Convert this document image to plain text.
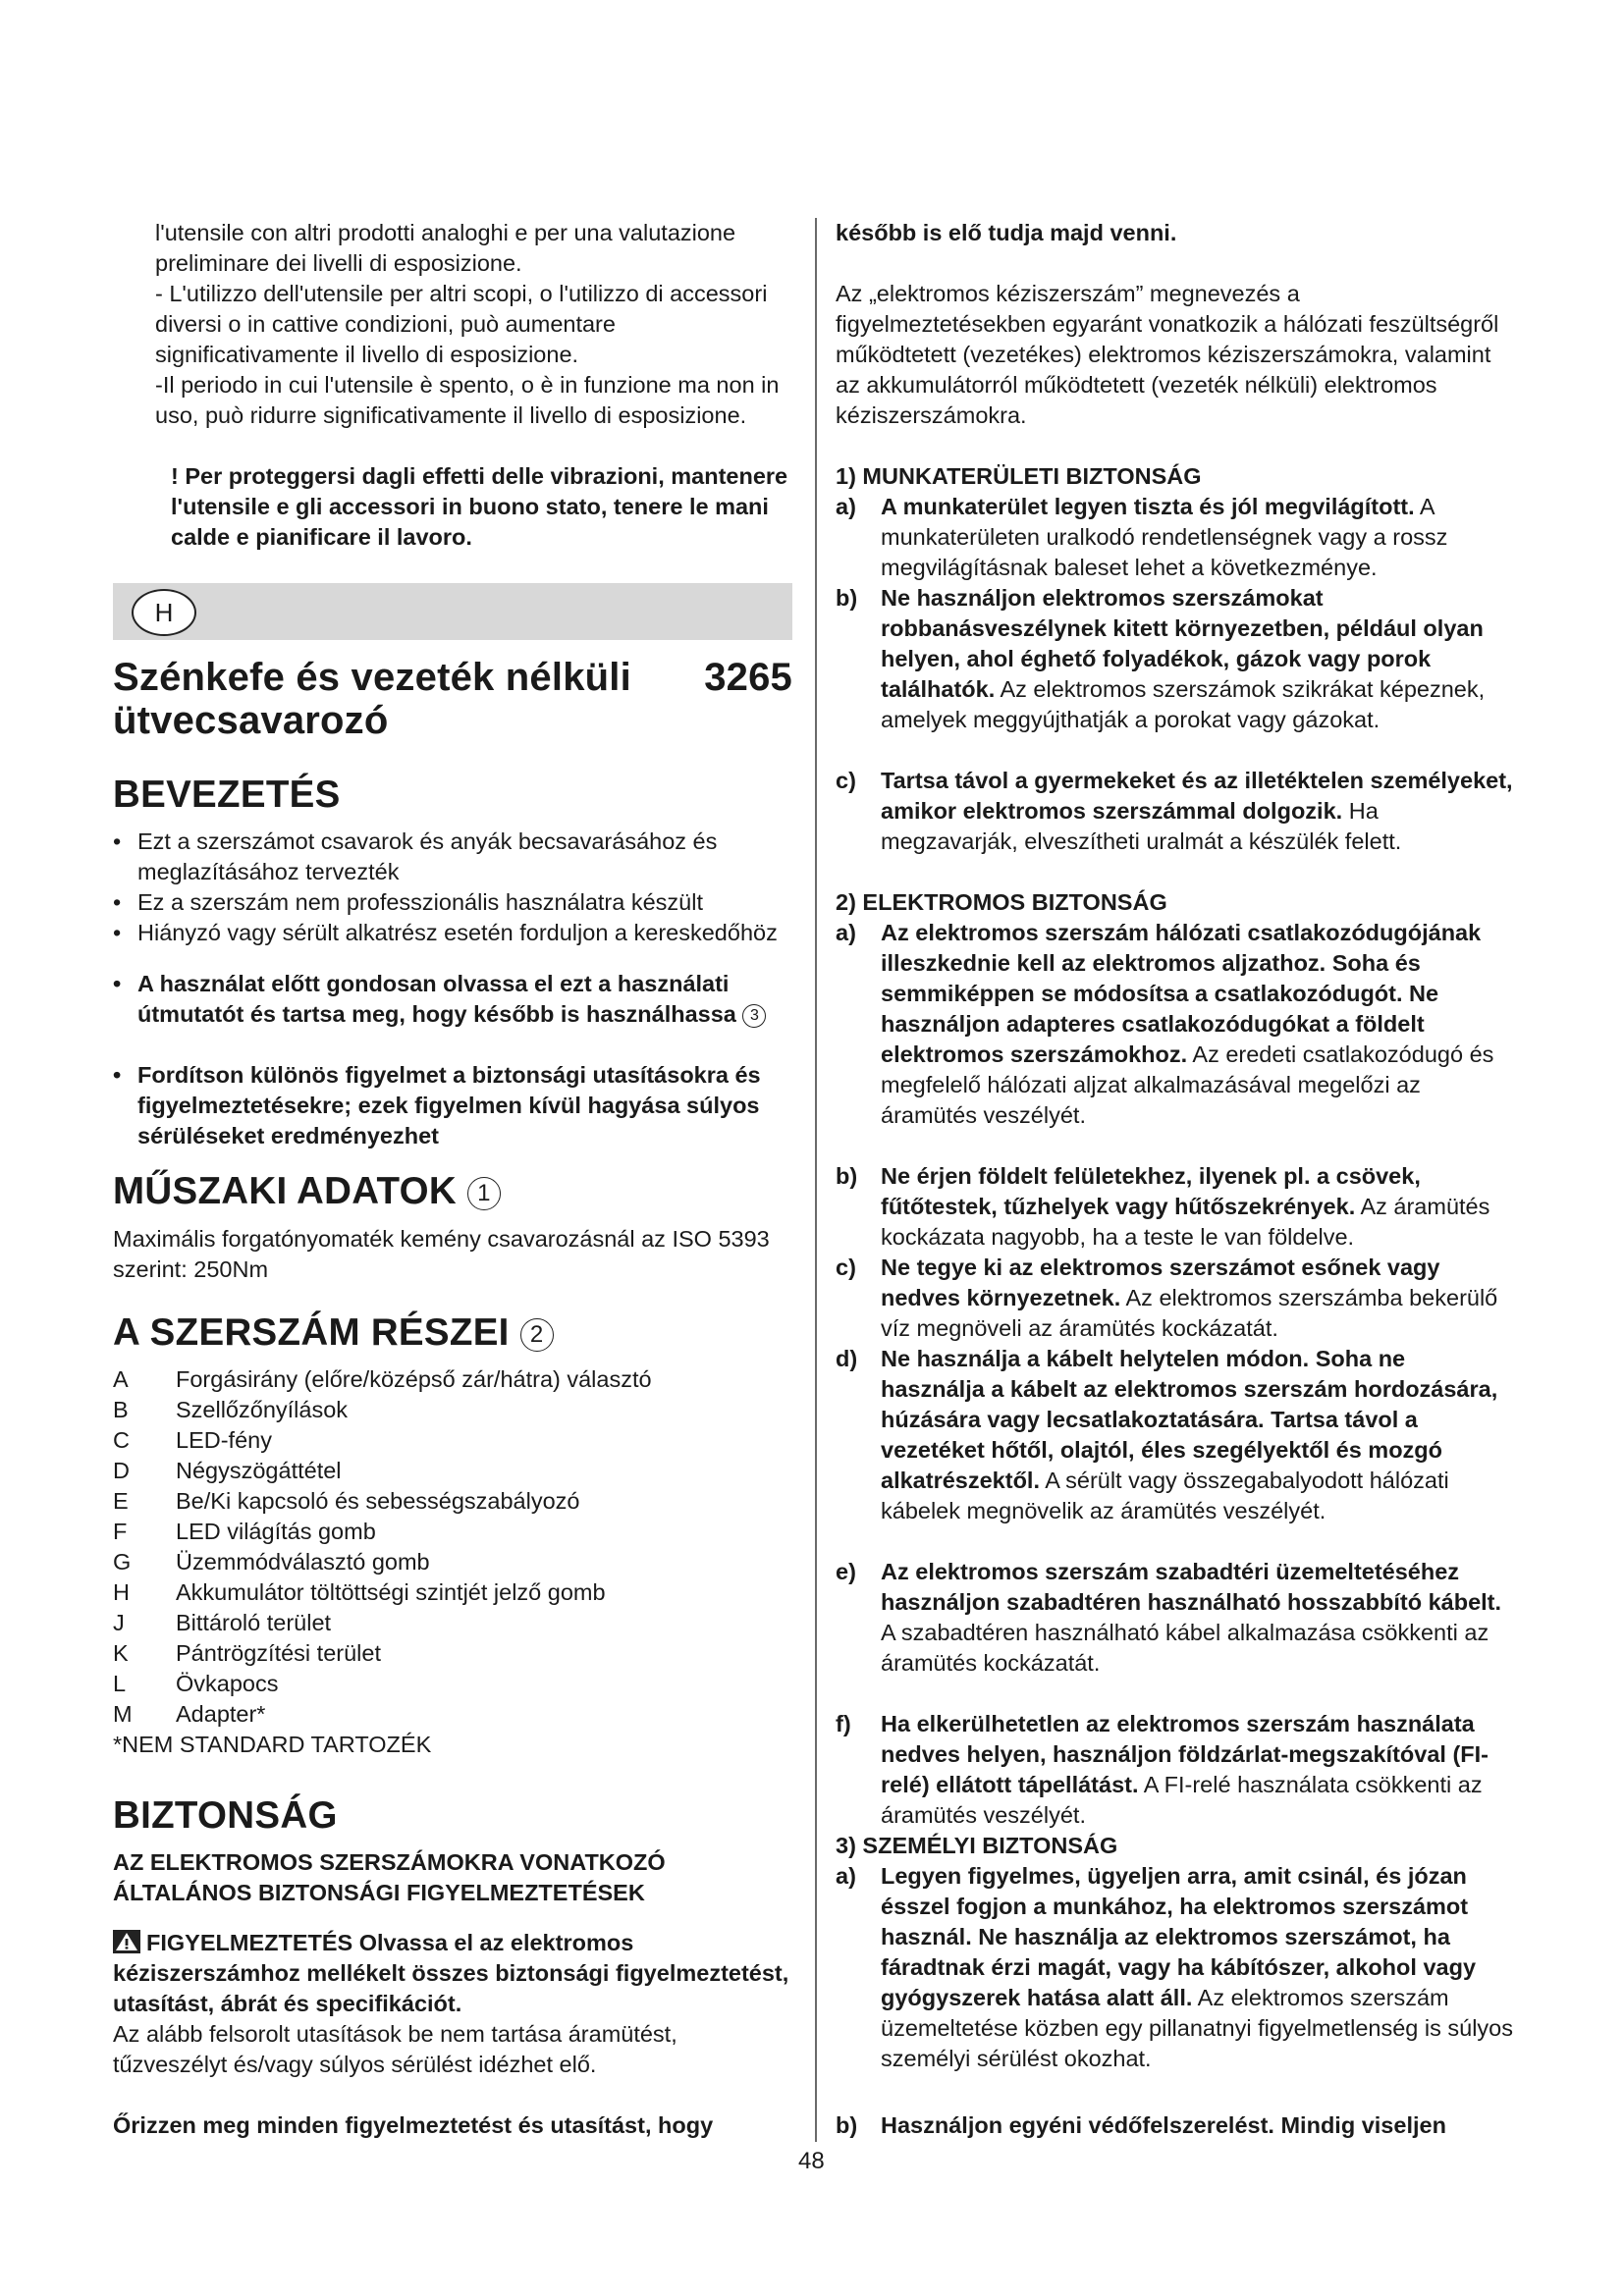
l'utensile con altri prodotti analoghi e per una valutazione

preliminare dei livelli di esposizione.

- L'utilizzo dell'utensile per altri scopi, o l'utilizzo di accessori diversi o in cattive condizioni, può aumentare significativamente il livello di esposizione.

-Il periodo in cui l'utensile è spento, o è in funzione ma non in uso, può ridurre significativamente il livello di esposizione.

! Per proteggersi dagli effetti delle vibrazioni, mantenere l'utensile e gli accessori in buono stato, tenere le mani calde e pianificare il lavoro.

H
Szénkefe és vezeték nélküli ütvecsavarozó
3265
BEVEZETÉS
• Ezt a szerszámot csavarok és anyák becsavarásához és meglazításához tervezték
• Ez a szerszám nem professzionális használatra készült
• Hiányzó vagy sérült alkatrész esetén forduljon a kereskedőhöz
• A használat előtt gondosan olvassa el ezt a használati útmutatót és tartsa meg, hogy később is használhassa 3
• Fordítson különös figyelmet a biztonsági utasításokra és figyelmeztetésekre; ezek figyelmen kívül hagyása súlyos sérüléseket eredményezhet
MŰSZAKI ADATOK 1

Maximális forgatónyomaték kemény csavarozásnál az ISO 5393 szerint: 250Nm

A SZERSZÁM RÉSZEI 2
A Forgásirány (előre/középső zár/hátra) választó
B Szellőzőnyílások
C LED-fény
D Négyszögáttétel
E Be/Ki kapcsoló és sebességszabályozó
F LED világítás gomb
G Üzemmódválasztó gomb
H Akkumulátor töltöttségi szintjét jelző gomb
J Bittároló terület
K Pántrögzítési terület
L Övkapocs
M Adapter*

*NEM STANDARD TARTOZÉK

BIZTONSÁG

AZ ELEKTROMOS SZERSZÁMOKRA VONATKOZÓ ÁLTALÁNOS BIZTONSÁGI FIGYELMEZTETÉSEK

FIGYELMEZTETÉS Olvassa el az elektromos kéziszerszámhoz mellékelt összes biztonsági figyelmeztetést, utasítást, ábrát és specifikációt.

Az alább felsorolt utasítások be nem tartása áramütést, tűzveszélyt és/vagy súlyos sérülést idézhet elő.

Őrizzen meg minden figyelmeztetést és utasítást, hogy

később is elő tudja majd venni.

Az „elektromos kéziszerszám” megnevezés a figyelmeztetésekben egyaránt vonatkozik a hálózati feszültségről működtetett (vezetékes) elektromos kéziszerszámokra, valamint az akkumulátorról működtetett (vezeték nélküli) elektromos kéziszerszámokra.

1) MUNKATERÜLETI BIZTONSÁG
a) A munkaterület legyen tiszta és jól megvilágított. A munkaterületen uralkodó rendetlenségnek vagy a rossz megvilágításnak baleset lehet a következménye.
b) Ne használjon elektromos szerszámokat robbanásveszélynek kitett környezetben, például olyan helyen, ahol éghető folyadékok, gázok vagy porok találhatók. Az elektromos szerszámok szikrákat képeznek, amelyek meggyújthatják a porokat vagy gázokat.
c) Tartsa távol a gyermekeket és az illetéktelen személyeket, amikor elektromos szerszámmal dolgozik. Ha megzavarják, elveszítheti uralmát a készülék felett.
2) ELEKTROMOS BIZTONSÁG
a) Az elektromos szerszám hálózati csatlakozódugójának illeszkednie kell az elektromos aljzathoz. Soha és semmiképpen se módosítsa a csatlakozódugót. Ne használjon adapteres csatlakozódugókat a földelt elektromos szerszámokhoz. Az eredeti csatlakozódugó és megfelelő hálózati aljzat alkalmazásával megelőzi az áramütés veszélyét.
b) Ne érjen földelt felületekhez, ilyenek pl. a csövek, fűtőtestek, tűzhelyek vagy hűtőszekrények. Az áramütés kockázata nagyobb, ha a teste le van földelve.
c) Ne tegye ki az elektromos szerszámot esőnek vagy nedves környezetnek. Az elektromos szerszámba bekerülő víz megnöveli az áramütés kockázatát.
d) Ne használja a kábelt helytelen módon. Soha ne használja a kábelt az elektromos szerszám hordozására, húzására vagy lecsatlakoztatására. Tartsa távol a vezetéket hőtől, olajtól, éles szegélyektől és mozgó alkatrészektől. A sérült vagy összegabalyodott hálózati kábelek megnövelik az áramütés veszélyét.
e) Az elektromos szerszám szabadtéri üzemeltetéséhez használjon szabadtéren használható hosszabbító kábelt. A szabadtéren használható kábel alkalmazása csökkenti az áramütés kockázatát.
f) Ha elkerülhetetlen az elektromos szerszám használata nedves helyen, használjon földzárlat-megszakítóval (FI-relé) ellátott tápellátást. A FI-relé használata csökkenti az áramütés veszélyét.
3) SZEMÉLYI BIZTONSÁG
a) Legyen figyelmes, ügyeljen arra, amit csinál, és józan ésszel fogjon a munkához, ha elektromos szerszámot használ. Ne használja az elektromos szerszámot, ha fáradtnak érzi magát, vagy ha kábítószer, alkohol vagy gyógyszerek hatása alatt áll. Az elektromos szerszám üzemeltetése közben egy pillanatnyi figyelmetlenség is súlyos személyi sérülést okozhat.
b) Használjon egyéni védőfelszerelést. Mindig viseljen
48
